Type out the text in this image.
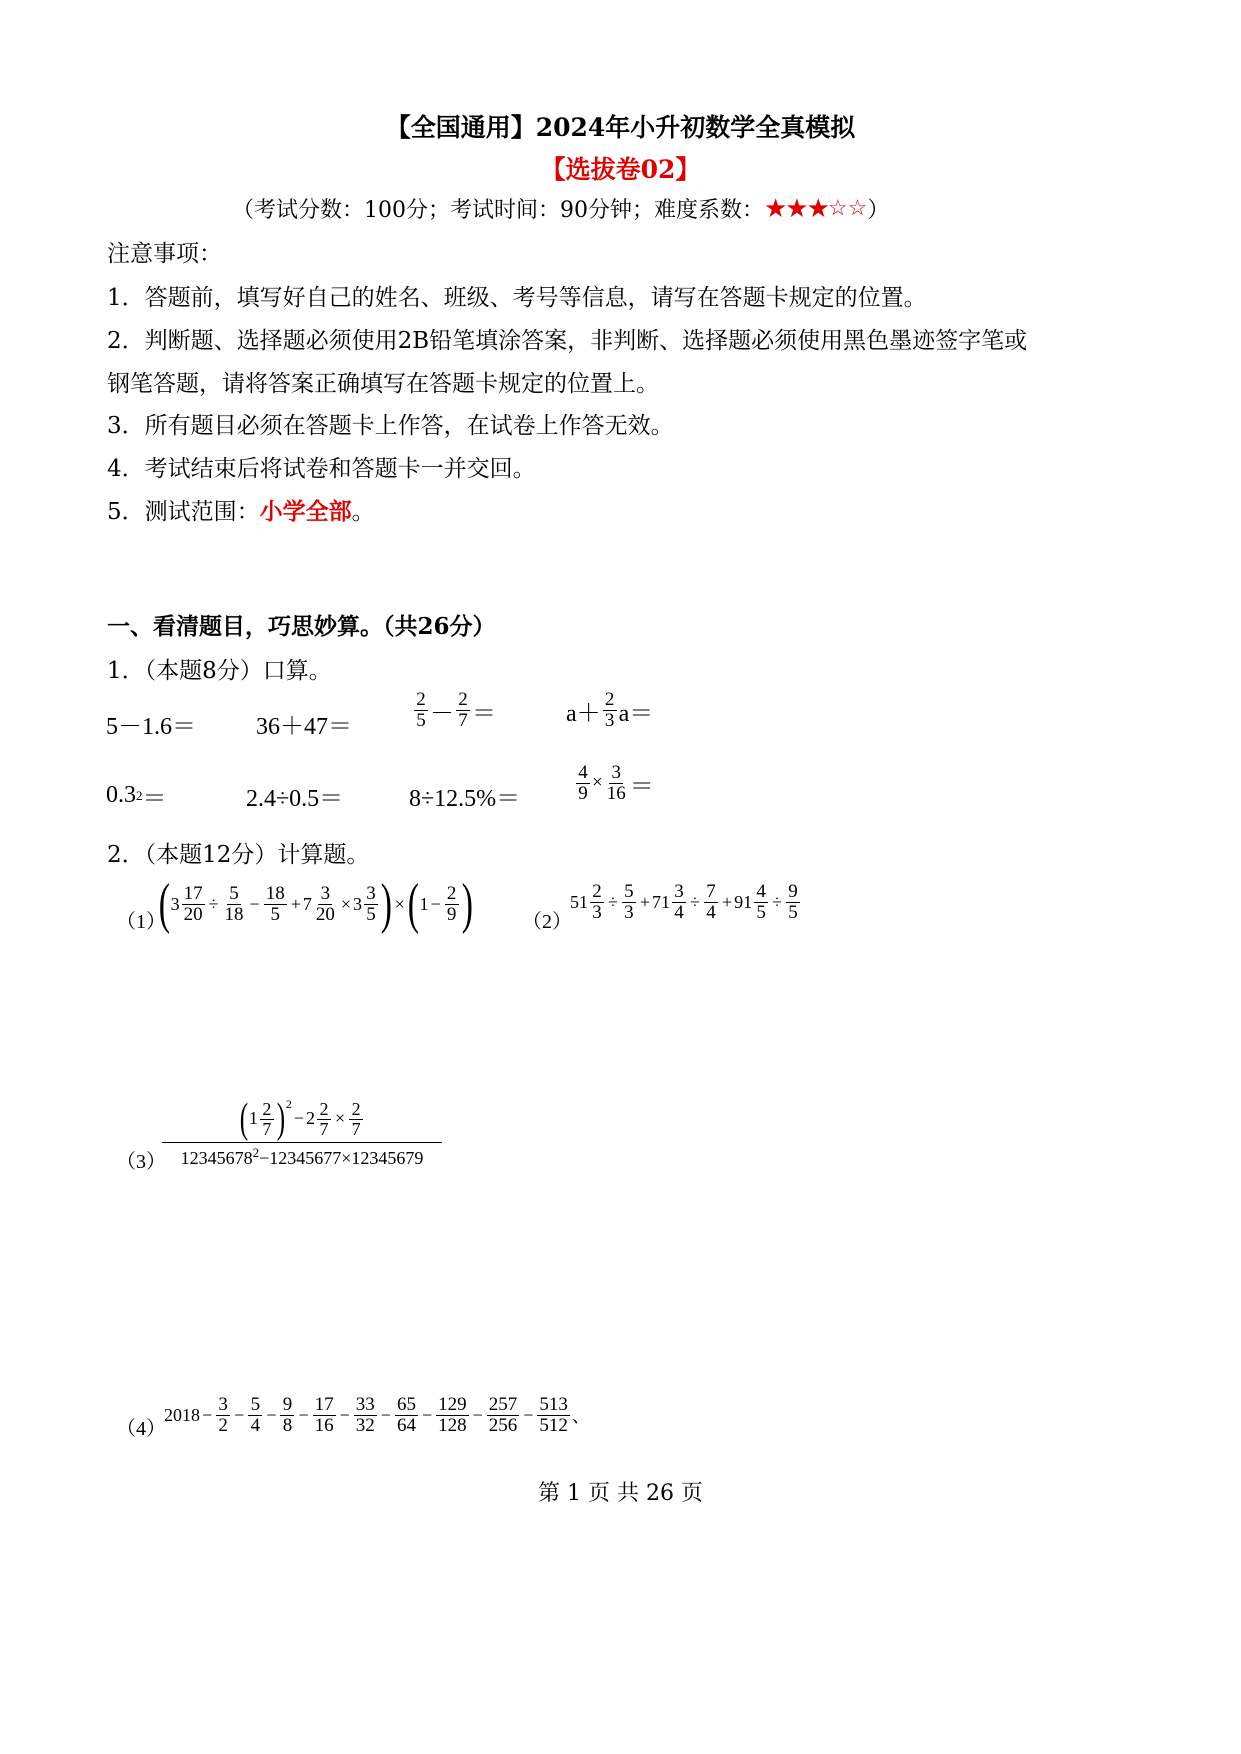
【全国通用】2024年小升初数学全真模拟
【选拔卷02】
（考试分数：100分；考试时间：90分钟；难度系数： ★★★ ☆☆ ）
注意事项：
1．答题前，填写好自己的姓名、班级、考号等信息，请写在答题卡规定的位置。
2．判断题、选择题必须使用2B铅笔填涂答案，非判断、选择题必须使用黑色墨迹签字笔或
钢笔答题，请将答案正确填写在答题卡规定的位置上。
3．所有题目必须在答题卡上作答，在试卷上作答无效。
4．考试结束后将试卷和答题卡一并交回。
5．测试范围：小学全部。
一、看清题目，巧思妙算。（共26分）
1．（本题8分）口算。
5－1.6＝	36＋47＝	$\frac{2}{5} - \frac{2}{7}$ ＝	$a+ \frac{2}{3} a=$
0.3 2 ＝	2.4÷0.5＝	8÷12.5%＝	$\frac{4}{9} \times \frac{3}{16}$ ＝
2．（本题12分）计算题。
（1）
( $3 \frac{17}{20} \div \frac{5}{18} - \frac{18}{5} + 7 \frac{3}{20} \times 3 \frac{3}{5}$ ) × ( $1 - \frac{2}{9}$ ) （2）
$51 \frac{2}{3} \div \frac{5}{3} + 71 \frac{3}{4} \div \frac{7}{4} + 91 \frac{4}{5} \div \frac{9}{5}$
（3）
( $1 \frac{2}{7} )^2$
− $2 \frac{2}{7} \times \frac{2}{7}$
$12345678^2-12345677\times 12345679$
（4）
$2018 - \frac{3}{2} - \frac{5}{4} - \frac{9}{8} - \frac{17}{16} - \frac{33}{32} - \frac{65}{64} - \frac{129}{128} - \frac{257}{256} - \frac{513}{512}$ 、
第 1 页 共 26 页
